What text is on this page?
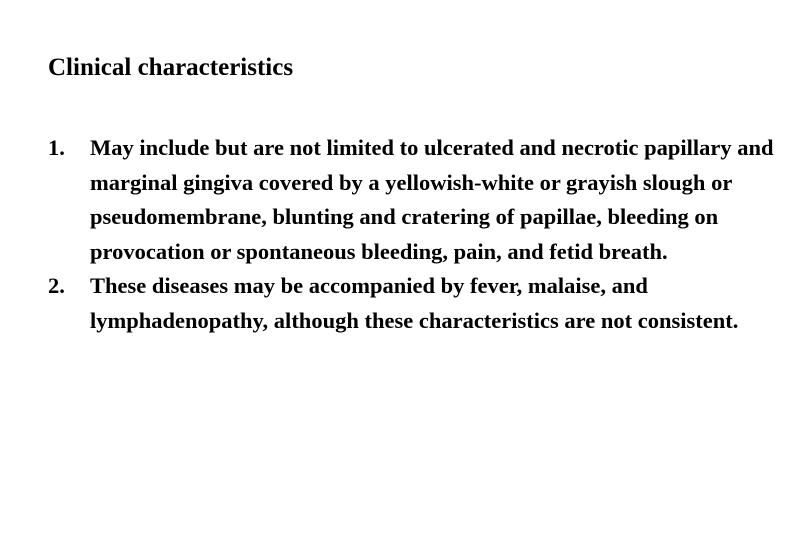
Clinical characteristics
1.	May include but are not limited to ulcerated and necrotic papillary and marginal gingiva covered by a yellowish-white or grayish slough or pseudomembrane, blunting and cratering of papillae, bleeding on provocation or spontaneous bleeding, pain, and fetid breath.
2.	These diseases may be accompanied by fever, malaise, and lymphadenopathy, although these characteristics are not consistent.
